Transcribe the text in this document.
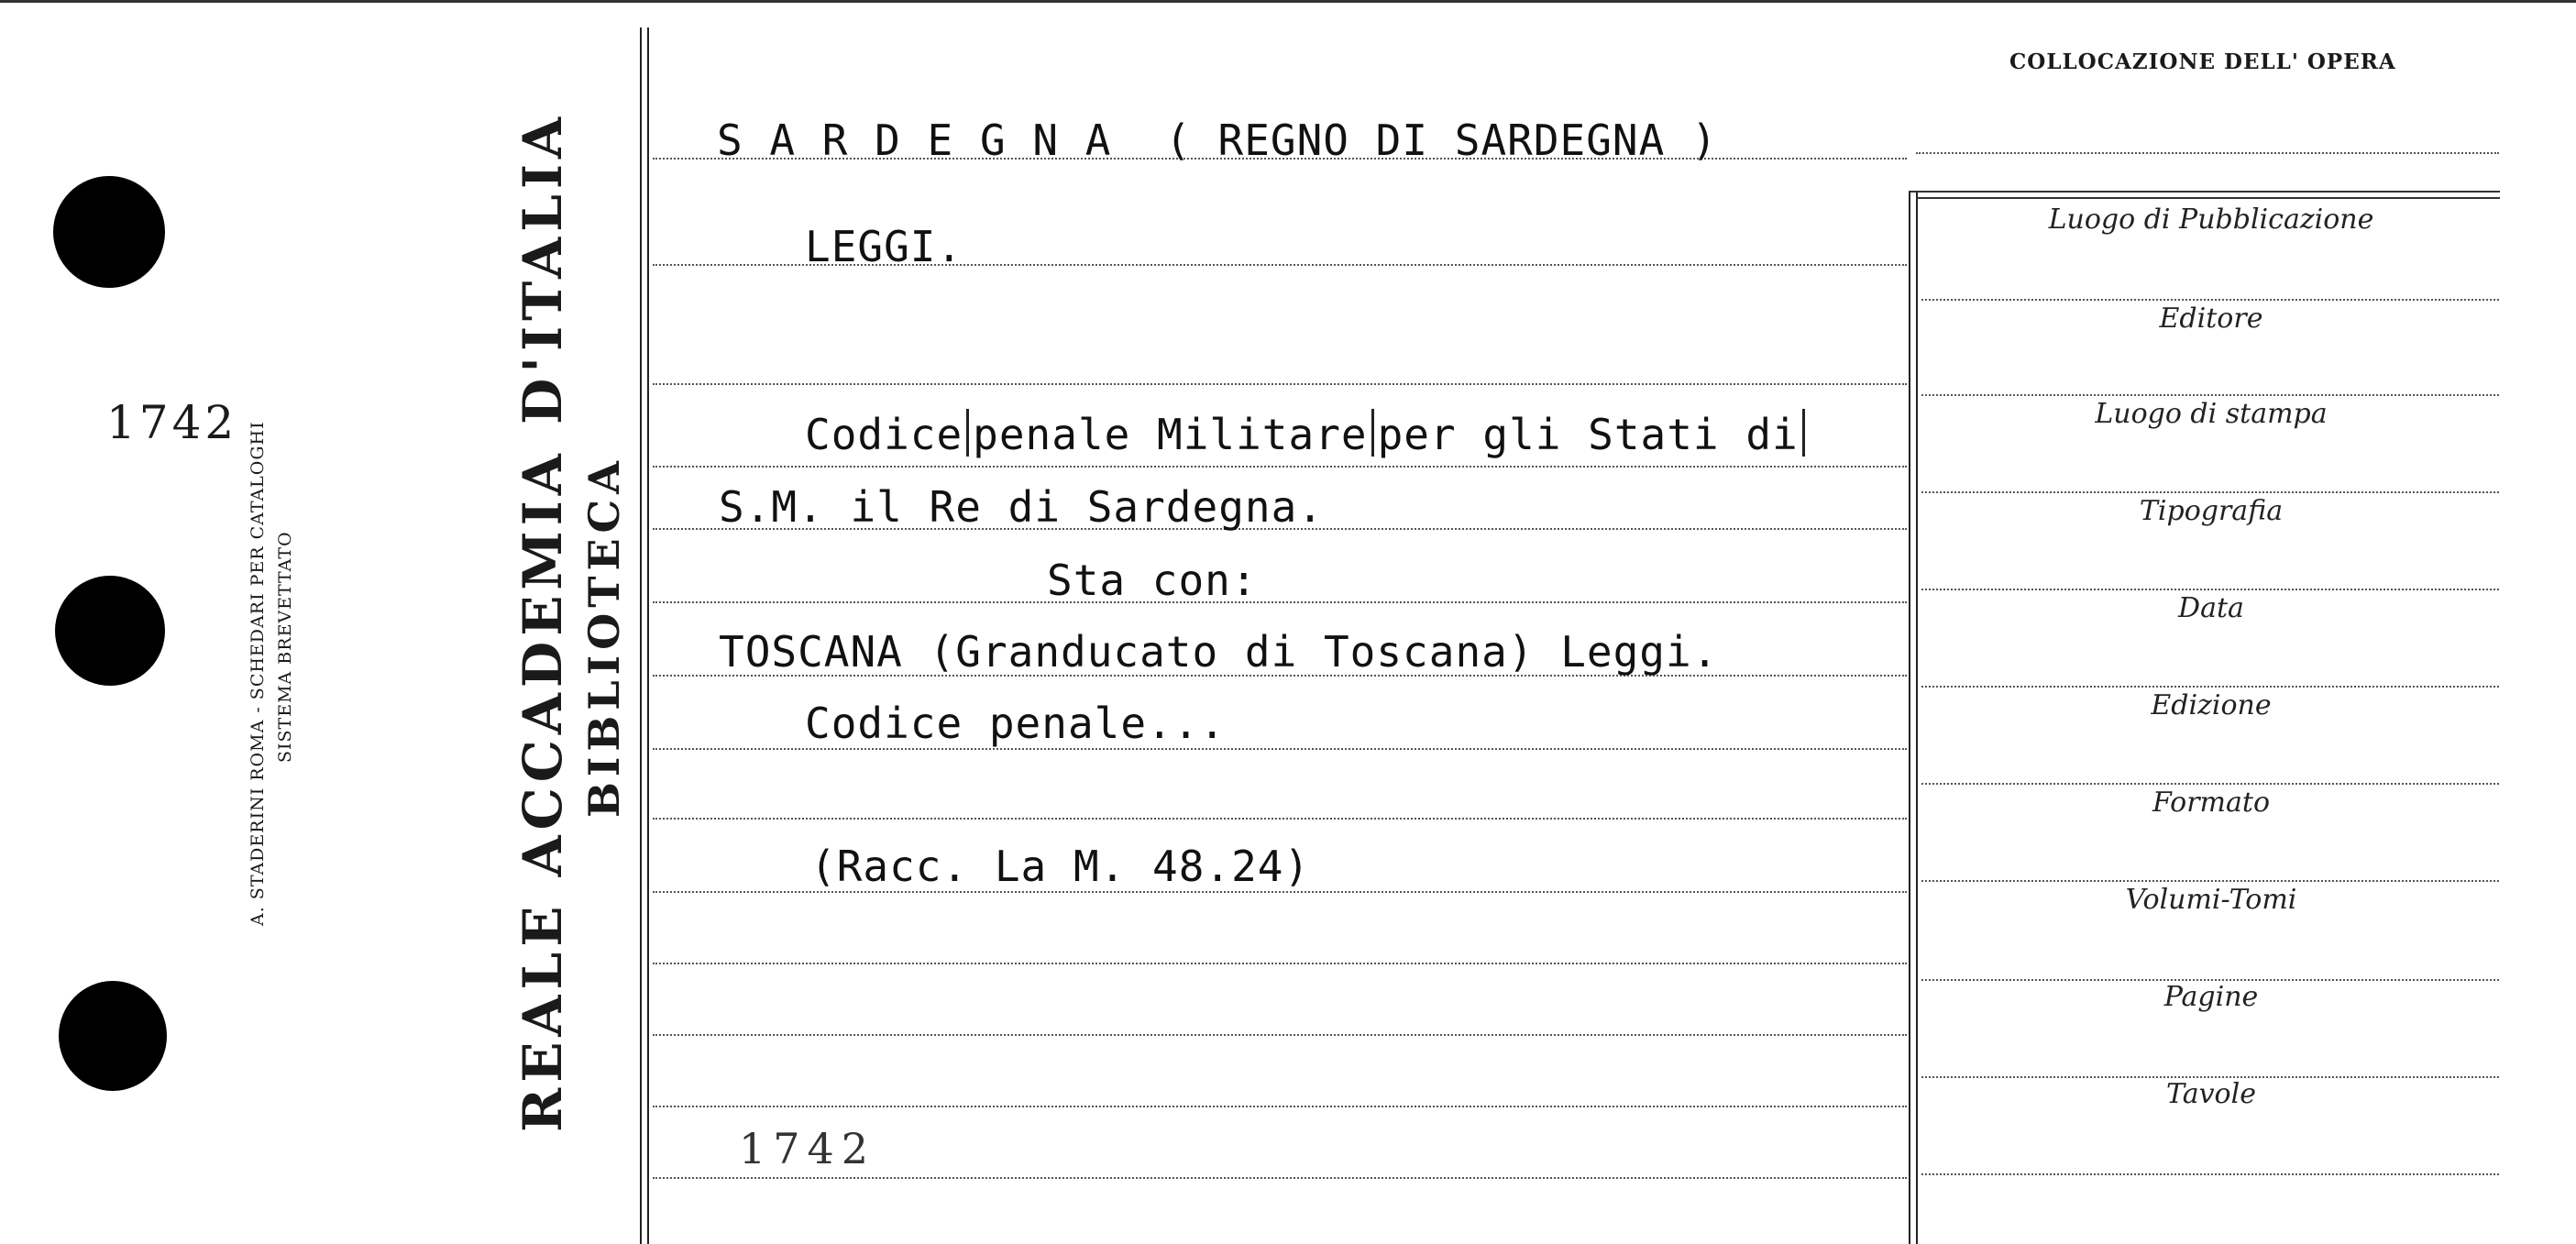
1742 A. STADERINI ROMA - SCHEDARI PER CATALOGHI SISTEMA BREVETTATO	REALE ACCADEMIA D'ITALIA BIBLIOTECA
COLLOCAZIONE DELL' OPERA
Luogo di Pubblicazione
Editore
Luogo di stampa
Tipografia
Data
Edizione
Formato
Volumi-Tomi
Pagine
Tavole
S A R D E G N A ( REGNO DI SARDEGNA )
LEGGI.
Codice penale Militare per gli Stati di
S.M. il Re di Sardegna.
Sta con:
TOSCANA (Granducato di Toscana) Leggi.
Codice penale...
(Racc. La M. 48.24)
1742
